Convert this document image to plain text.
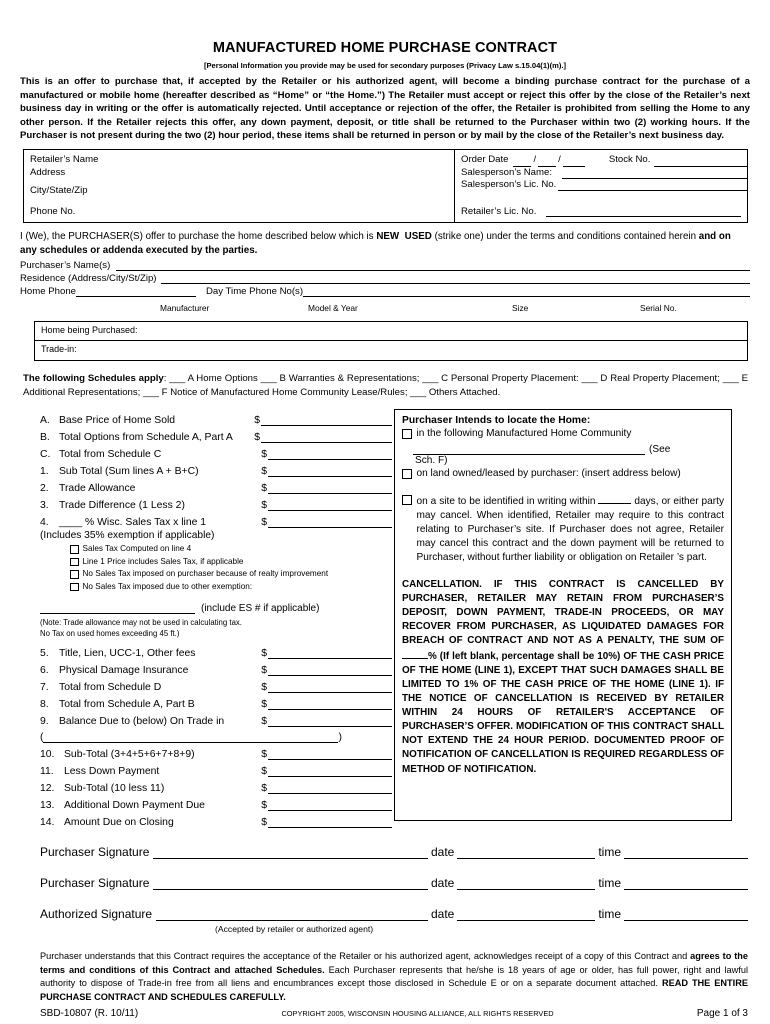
MANUFACTURED HOME PURCHASE CONTRACT
[Personal Information you provide may be used for secondary purposes (Privacy Law s.15.04(1)(m).]
This is an offer to purchase that, if accepted by the Retailer or his authorized agent, will become a binding purchase contract for the purchase of a manufactured or mobile home (hereafter described as “Home” or “the Home.”) The Retailer must accept or reject this offer by the close of the Retailer’s next business day in writing or the offer is automatically rejected. Until acceptance or rejection of the offer, the Retailer is prohibited from selling the Home to any other person. If the Retailer rejects this offer, any down payment, deposit, or title shall be returned to the Purchaser within two (2) working hours. If the Purchaser is not present during the two (2) hour period, these items shall be returned in person or by mail by the close of the Retailer’s next business day.
Retailer’s Name
Address
City/State/Zip
Phone No.
Order Date	/ /	Stock No.
Salesperson’s Name:
Salesperson’s Lic. No.
Retailer’s Lic. No.
I (We), the PURCHASER(S) offer to purchase the home described below which is NEW USED (strike one) under the terms and conditions contained herein and on any schedules or addenda executed by the parties.
Purchaser’s Name(s)
Residence (Address/City/St/Zip)
Home Phone	Day Time Phone No(s)
Manufacturer	Model & Year	Size	Serial No.
Home being Purchased:
Trade-in:
The following Schedules apply: ___ A Home Options ___ B Warranties & Representations; ___ C Personal Property Placement: ___ D Real Property Placement; ___ E Additional Representations; ___ F Notice of Manufactured Home Community Lease/Rules; ___ Others Attached.
A. Base Price of Home Sold	$
B. Total Options from Schedule A, Part A $
C. Total from Schedule C	$
1. Sub Total (Sum lines A + B+C)	$
2. Trade Allowance	$
3. Trade Difference (1 Less 2)	$
4. ____ % Wisc. Sales Tax x line 1	$
(Includes 35% exemption if applicable)
Sales Tax Computed on line 4
Line 1 Price includes Sales Tax, if applicable
No Sales Tax imposed on purchaser because of realty improvement
No Sales Tax imposed due to other exemption:
(include ES # if applicable)
(Note: Trade allowance may not be used in calculating tax.
No Tax on used homes exceeding 45 ft.)
5. Title, Lien, UCC-1, Other fees	$
6. Physical Damage Insurance	$
7. Total from Schedule D	$
8. Total from Schedule A, Part B	$
9. Balance Due to (below) On Trade in	$
(	)
10. Sub-Total (3+4+5+6+7+8+9)	$
11. Less Down Payment	$
12. Sub-Total (10 less 11)	$
13. Additional Down Payment Due	$
14. Amount Due on Closing	$
Purchaser Intends to locate the Home:
in the following Manufactured Home Community
(See
Sch. F)
on land owned/leased by purchaser: (insert address below)
on a site to be identified in writing within	days, or either party may cancel. When identified, Retailer may require to this contract relating to Purchaser’s site. If Purchaser does not agree, Retailer may cancel this contract and the down payment will be returned to Purchaser, without further liability or obligation on Retailer ’s part.
CANCELLATION. IF THIS CONTRACT IS CANCELLED BY PURCHASER, RETAILER MAY RETAIN FROM PURCHASER’S DEPOSIT, DOWN PAYMENT, TRADE-IN PROCEEDS, OR MAY RECOVER FROM PURCHASER, AS LIQUIDATED DAMAGES FOR BREACH OF CONTRACT AND NOT AS A PENALTY, THE SUM OF% (If left blank, percentage shall be 10%) OF THE CASH PRICE OF THE HOME (LINE 1), EXCEPT THAT SUCH DAMAGES SHALL BE LIMITED TO 1% OF THE CASH PRICE OF THE HOME (LINE 1). IF THE NOTICE OF CANCELLATION IS RECEIVED BY RETAILER WITHIN 24 HOURS OF RETAILER'S ACCEPTANCE OF PURCHASER’S OFFER. MODIFICATION OF THIS CONTRACT SHALL NOT EXTEND THE 24 HOUR PERIOD. DOCUMENTED PROOF OF NOTIFICATION OF CANCELLATION IS REQUIRED REGARDLESS OF METHOD OF NOTIFICATION.
Purchaser Signature	date	time
Purchaser Signature	date	time
Authorized Signature	date	time
(Accepted by retailer or authorized agent)
Purchaser understands that this Contract requires the acceptance of the Retailer or his authorized agent, acknowledges receipt of a copy of this Contract and agrees to the terms and conditions of this Contract and attached Schedules. Each Purchaser represents that he/she is 18 years of age or older, has full power, right and lawful authority to dispose of Trade-in free from all liens and encumbrances except those disclosed in Schedule E or on a separate document attached. READ THE ENTIRE PURCHASE CONTRACT AND SCHEDULES CAREFULLY.
SBD-10807 (R. 10/11)	COPYRIGHT 2005, WISCONSIN HOUSING ALLIANCE, ALL RIGHTS RESERVED	Page 1 of 3
